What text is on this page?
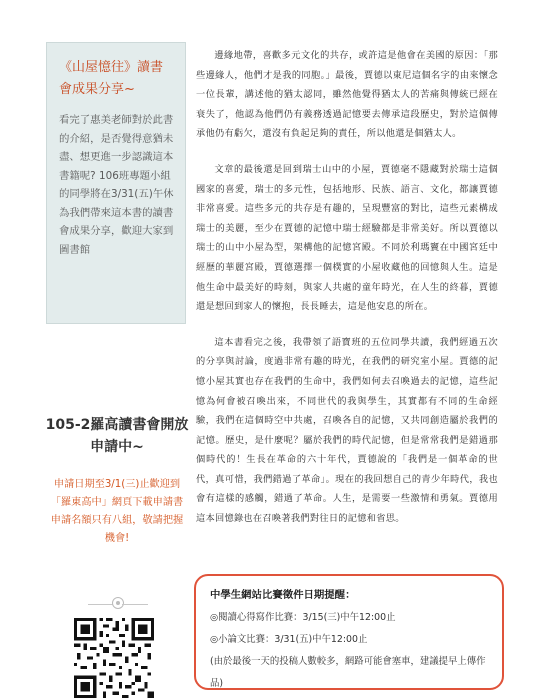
《山屋憶往》讀書會成果分享~
看完了惠美老師對於此書的介紹，是否覺得意猶未盡、想更進一步認識這本書籍呢? 106班專題小組的同學將在3/31(五)午休為我們帶來這本書的讀書會成果分享，歡迎大家到圖書館
105-2羅高讀書會開放申請中~
申請日期至3/1(三)止歡迎到「羅東高中」網頁下載申請書申請名額只有八組，敬請把握機會!

邊緣地帶，喜歡多元文化的共存，或許這是他會在美國的原因：「那些邊緣人，他們才是我的同胞。」最後，賈德以東尼這個名字的由來懷念一位長輩，講述他的猶太認同，雖然他覺得猶太人的苦痛與傳統已經在衰失了，他認為他們仍有義務透過記憶要去傳承這段歷史，對於這個傳承他仍有虧欠，還沒有負起足夠的責任，所以他還是個猶太人。

文章的最後還是回到瑞士山中的小屋，賈德毫不隱藏對於瑞士這個國家的喜愛，瑞士的多元性，包括地形、民族、語言、文化，都讓賈德非常喜愛。這些多元的共存是有趣的，呈現豐富的對比，這些元素構成瑞士的美麗，至少在賈德的記憶中瑞士經驗都是非常美好。所以賈德以瑞士的山中小屋為型，架構他的記憶宮殿。不同於利瑪竇在中國宮廷中經歷的華麗宮殿，賈德選擇一個樸實的小屋收藏他的回憶與人生。這是他生命中最美好的時刻，與家人共處的童年時光，在人生的終暮，賈德還是想回到家人的懷抱，長長睡去，這是他安息的所在。

這本書看完之後，我帶領了語寶班的五位同學共讀，我們經過五次的分享與討論，度過非常有趣的時光，在我們的研究室小屋。賈德的記憶小屋其實也存在我們的生命中，我們如何去召喚過去的記憶，這些記憶為何會被召喚出來，不同世代的我與學生，其實都有不同的生命經驗，我們在這個時空中共處，召喚各自的記憶，又共同創造屬於我們的記憶。歷史，是什麼呢？屬於我們的時代記憶，但是常常我們是錯過那個時代的！生長在革命的六十年代，賈德說的「我們是一個革命的世代，真可惜，我們錯過了革命」。現在的我回想自己的青少年時代，我也會有這樣的感觸，錯過了革命。人生，是需要一些激情和勇氣。賈德用這本回憶錄也在召喚著我們對往日的記憶和省思。

中學生網站比賽徵件日期提醒：
◎閱讀心得寫作比賽：3/15(三)中午12:00止
◎小論文比賽：3/31(五)中午12:00止
(由於最後一天的投稿人數較多，網路可能會塞車，建議提早上傳作品)
